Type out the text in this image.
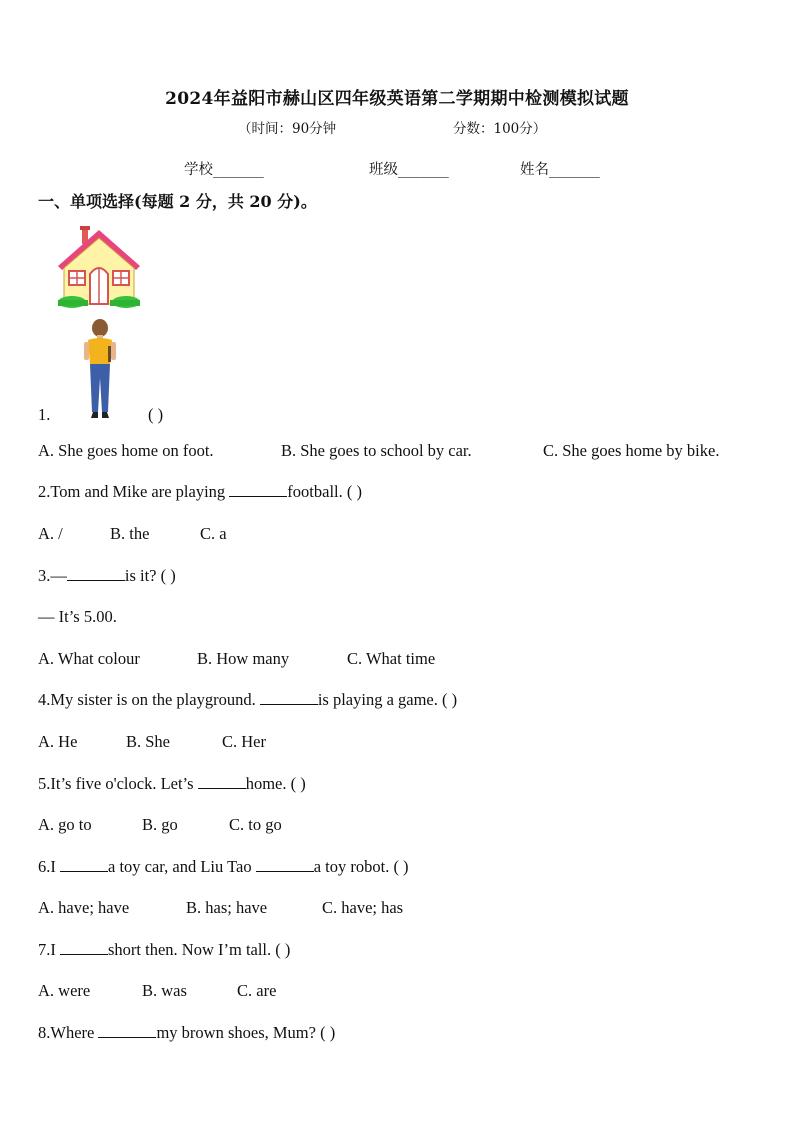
2024年益阳市赫山区四年级英语第二学期期中检测模拟试题
（时间：90分钟	分数：100分）
学校_______	班级_______	姓名_______
一、单项选择(每题 2 分，共 20 分)。
1.	( )
A. She goes home on foot.	B. She goes to school by car.	C. She goes home by bike.
2.Tom and Mike are playing	football. ( )
A. /	B. the	C. a
3.—	is it? ( )
— It’s 5.00.
A. What colour	B. How many	C. What time
4.My sister is on the playground.	is playing a game. ( )
A. He	B. She	C. Her
5.It’s five o'clock. Let’s	home. ( )
A. go to	B. go	C. to go
6.I	a toy car, and Liu Tao	a toy robot. ( )
A. have; have	B. has; have	C. have; has
7.I	short then. Now I’m tall. ( )
A. were	B. was	C. are
8.Where	my brown shoes, Mum? ( )
